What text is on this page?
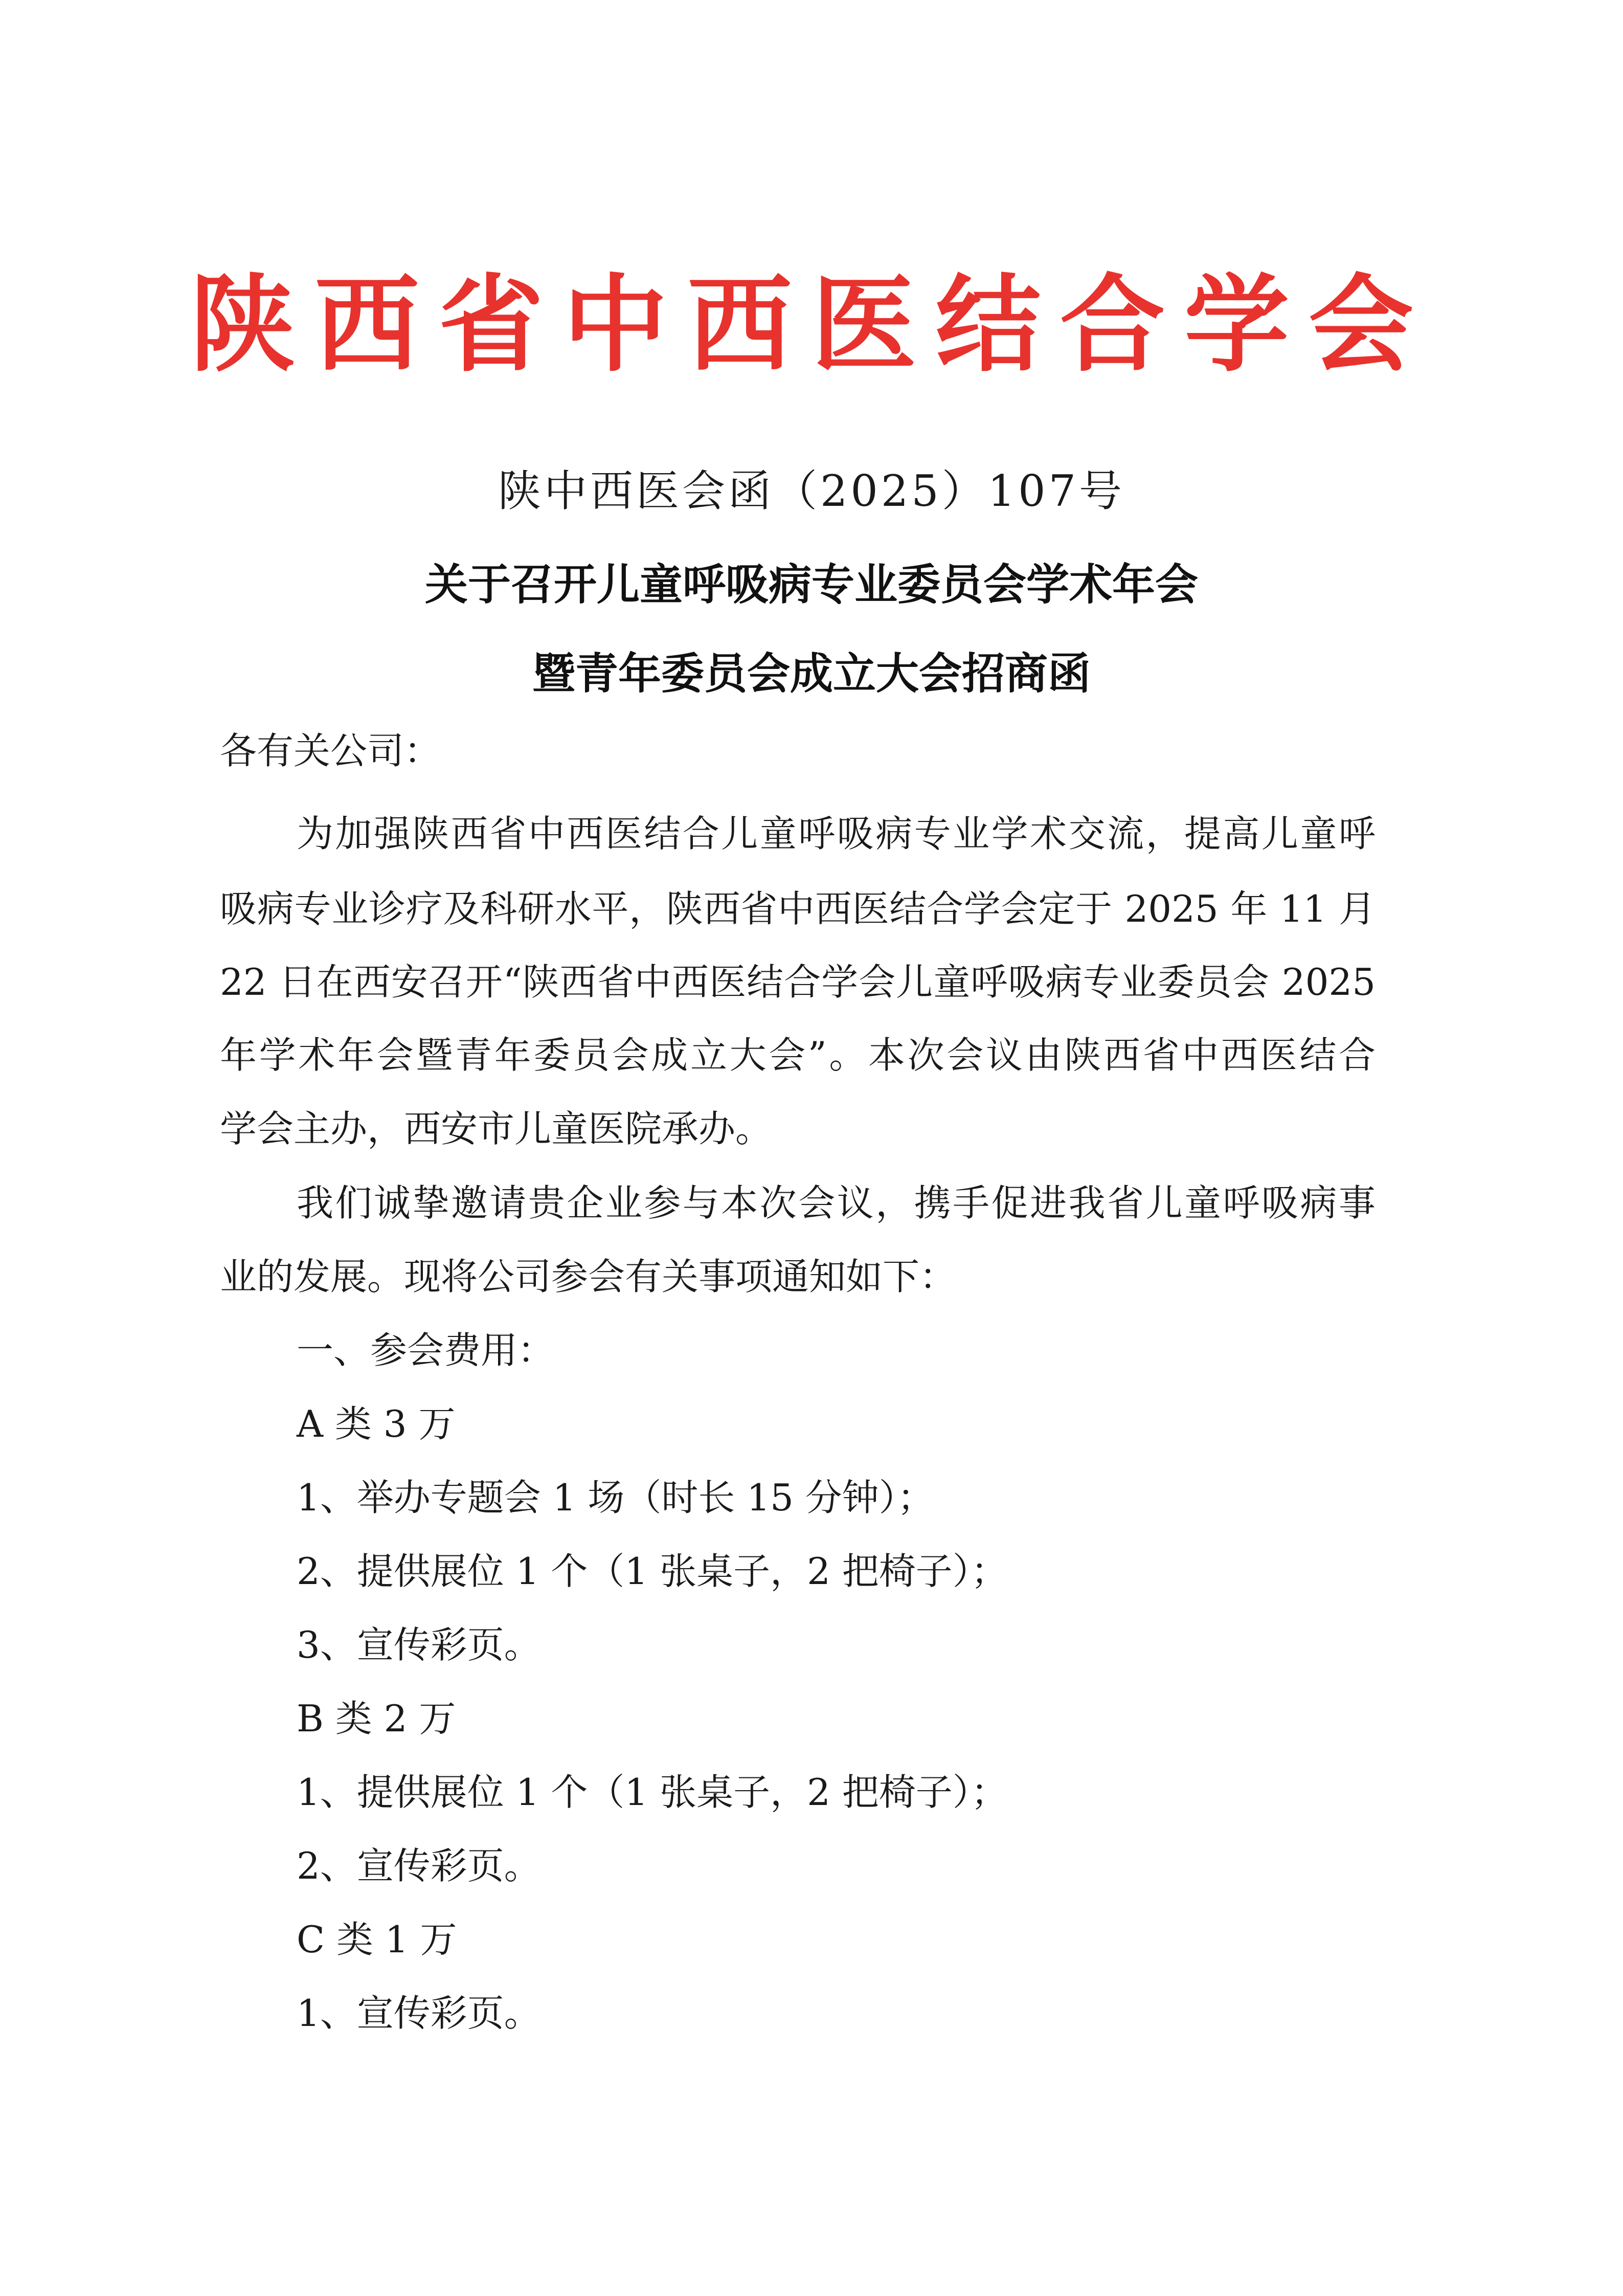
陕西省中西医结合学会
陕中西医会函（2025）107号
关于召开儿童呼吸病专业委员会学术年会
暨青年委员会成立大会招商函
各有关公司：
为加强陕西省中西医结合儿童呼吸病专业学术交流，提高儿童呼
吸病专业诊疗及科研水平，陕西省中西医结合学会定于 2025 年 11 月
22 日在西安召开“陕西省中西医结合学会儿童呼吸病专业委员会 2025
年学术年会暨青年委员会成立大会”。本次会议由陕西省中西医结合
学会主办，西安市儿童医院承办。
我们诚挚邀请贵企业参与本次会议，携手促进我省儿童呼吸病事
业的发展。现将公司参会有关事项通知如下：
一、参会费用：
A 类 3 万
1、举办专题会 1 场（时长 15 分钟）；
2、提供展位 1 个（1 张桌子，2 把椅子）；
3、宣传彩页。
B 类 2 万
1、提供展位 1 个（1 张桌子，2 把椅子）；
2、宣传彩页。
C 类 1 万
1、宣传彩页。
